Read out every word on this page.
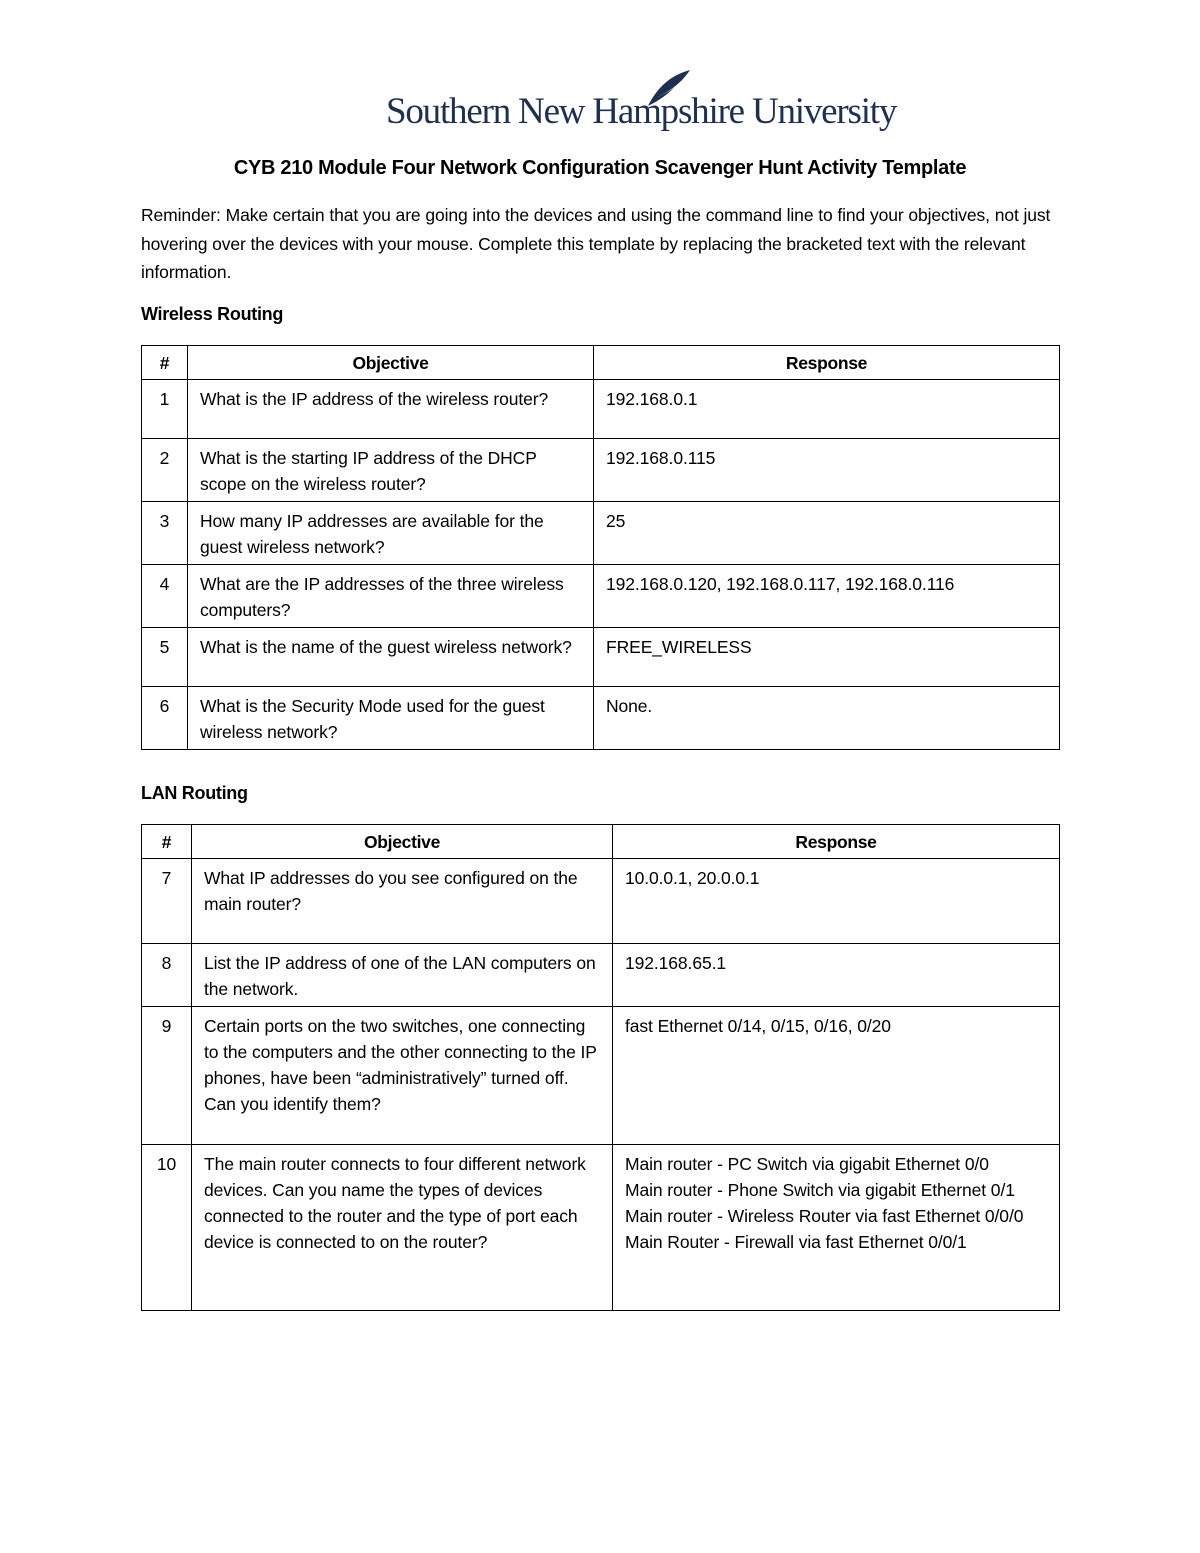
Southern New Hampshire University
CYB 210 Module Four Network Configuration Scavenger Hunt Activity Template
Reminder: Make certain that you are going into the devices and using the command line to find your objectives, not just hovering over the devices with your mouse. Complete this template by replacing the bracketed text with the relevant information.
Wireless Routing
#	Objective	Response
1	What is the IP address of the wireless router?	192.168.0.1

2	What is the starting IP address of the DHCP scope on the wireless router?	192.168.0.115

3	How many IP addresses are available for the guest wireless network?	25

4	What are the IP addresses of the three wireless computers?	192.168.0.120, 192.168.0.117, 192.168.0.116

5	What is the name of the guest wireless network?	FREE_WIRELESS

6	What is the Security Mode used for the guest wireless network?	None.
LAN Routing
#	Objective	Response
7	What IP addresses do you see configured on the main router?	10.0.0.1, 20.0.0.1

8	List the IP address of one of the LAN computers on the network.	192.168.65.1

9	Certain ports on the two switches, one connecting to the computers and the other connecting to the IP phones, have been “administratively” turned off. Can you identify them?	fast Ethernet 0/14, 0/15, 0/16, 0/20

10	The main router connects to four different network devices. Can you name the types of devices connected to the router and the type of port each device is connected to on the router?	Main router - PC Switch via gigabit Ethernet 0/0
Main router - Phone Switch via gigabit Ethernet 0/1
Main router - Wireless Router via fast Ethernet 0/0/0
Main Router - Firewall via fast Ethernet 0/0/1
